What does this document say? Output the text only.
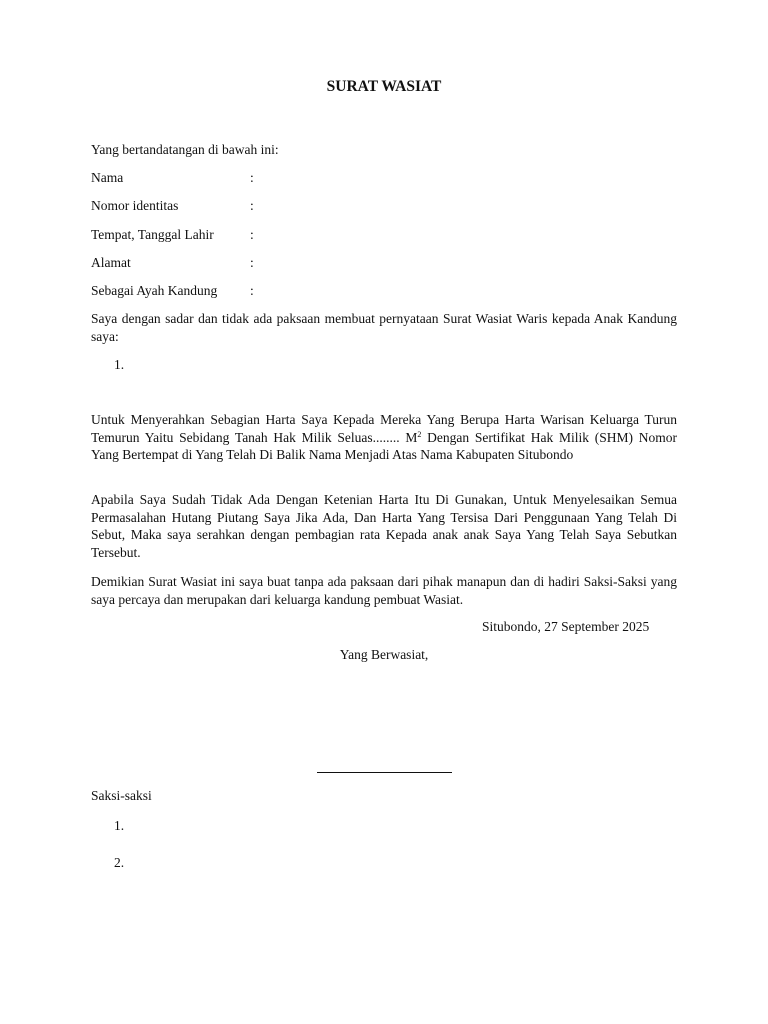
SURAT WASIAT
Yang bertandatangan di bawah ini:
Nama	:
Nomor identitas	:
Tempat, Tanggal Lahir	:
Alamat	:
Sebagai Ayah Kandung :
Saya dengan sadar dan tidak ada paksaan membuat pernyataan Surat Wasiat Waris kepada Anak Kandung saya:
1.
Untuk Menyerahkan Sebagian Harta Saya Kepada Mereka Yang Berupa Harta Warisan Keluarga Turun Temurun Yaitu Sebidang Tanah Hak Milik Seluas........ $M^2$ Dengan Sertifikat Hak Milik (SHM) Nomor Yang Bertempat di Yang Telah Di Balik Nama Menjadi Atas Nama Kabupaten Situbondo
Apabila Saya Sudah Tidak Ada Dengan Ketenian Harta Itu Di Gunakan, Untuk Menyelesaikan Semua Permasalahan Hutang Piutang Saya Jika Ada, Dan Harta Yang Tersisa Dari Penggunaan Yang Telah Di Sebut, Maka saya serahkan dengan pembagian rata Kepada anak anak Saya Yang Telah Saya Sebutkan Tersebut.
Demikian Surat Wasiat ini saya buat tanpa ada paksaan dari pihak manapun dan di hadiri Saksi-Saksi yang saya percaya dan merupakan dari keluarga kandung pembuat Wasiat.
Situbondo, 27 September 2025
Yang Berwasiat,
Saksi-saksi
1.
2.
